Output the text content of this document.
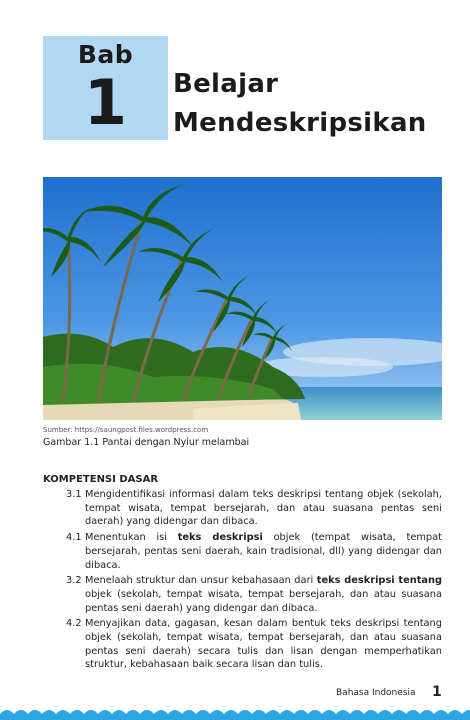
Bab
1	Belajar
Mendeskripsikan
Sumber: https://saungpost.files.wordpress.com
Gambar 1.1 Pantai dengan Nyiur melambai
KOMPETENSI DASAR
3.1 Mengidentifikasi informasi dalam teks deskripsi tentang objek (sekolah, tempat wisata, tempat bersejarah, dan atau suasana pentas seni daerah) yang didengar dan dibaca.
4.1 Menentukan isi teks deskripsi objek (tempat wisata, tempat bersejarah, pentas seni daerah, kain tradisional, dll) yang didengar dan dibaca.
3.2 Menelaah struktur dan unsur kebahasaan dari teks deskripsi tentang objek (sekolah, tempat wisata, tempat bersejarah, dan atau suasana pentas seni daerah) yang didengar dan dibaca.
4.2 Menyajikan data, gagasan, kesan dalam bentuk teks deskripsi tentang objek (sekolah, tempat wisata, tempat bersejarah, dan atau suasana pentas seni daerah) secara tulis dan lisan dengan memperhatikan struktur, kebahasaan baik secara lisan dan tulis.
Bahasa Indonesia 1
